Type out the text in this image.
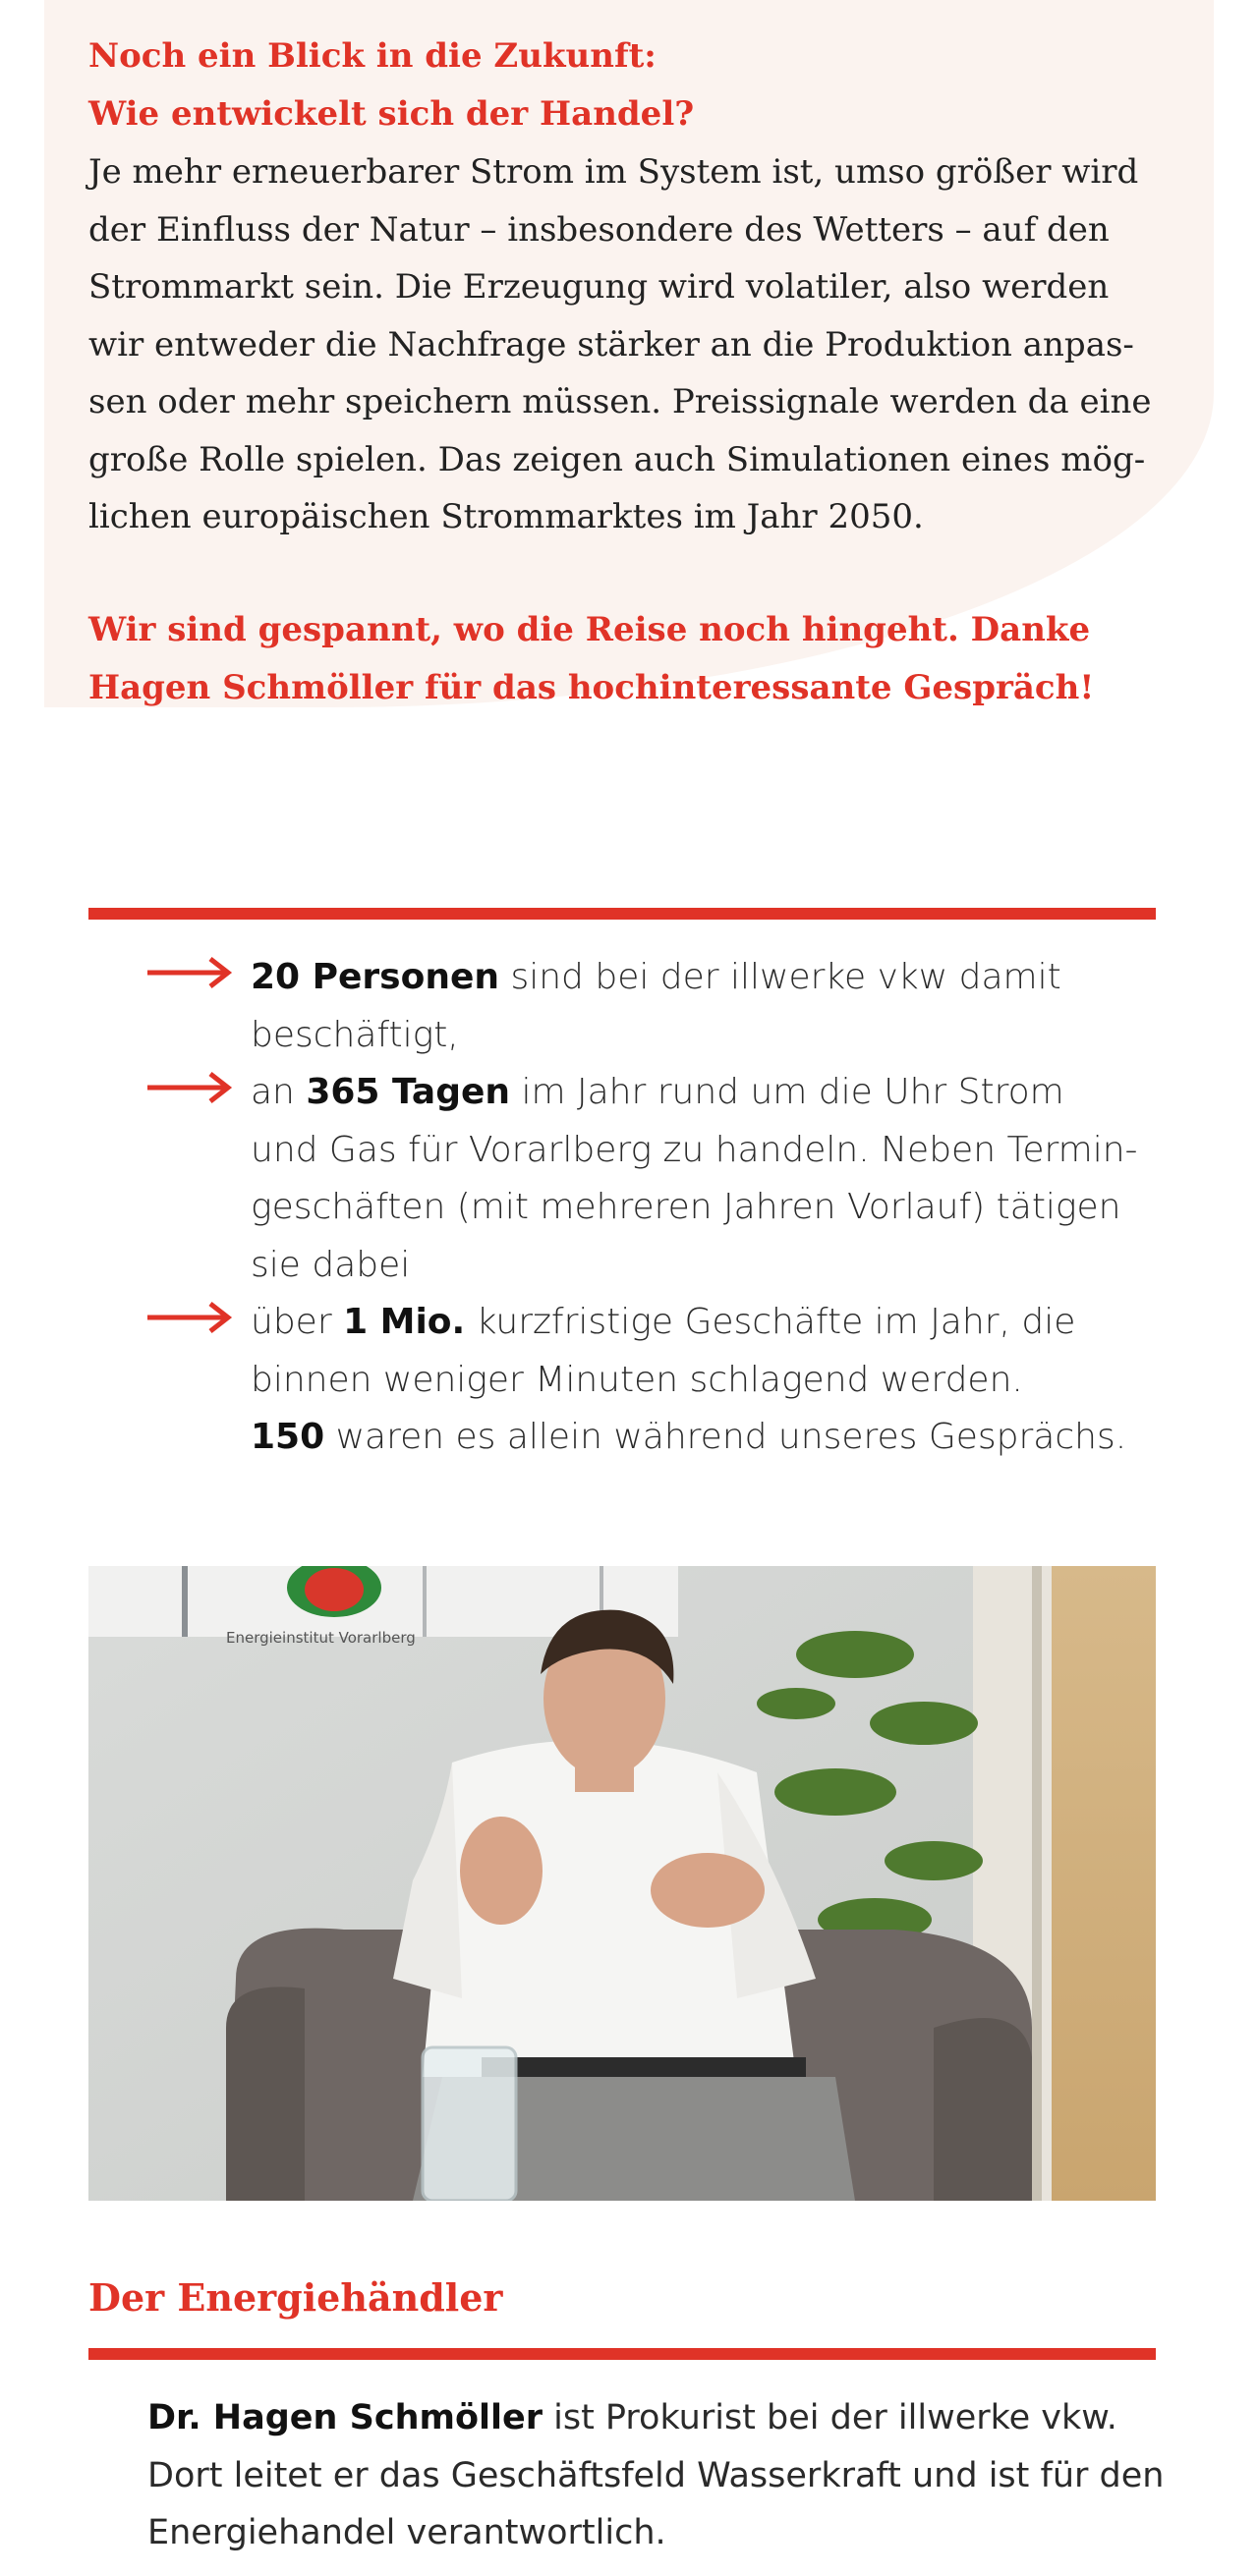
Noch ein Blick in die Zukunft:
Wie entwickelt sich der Handel?
Je mehr erneuerbarer Strom im System ist, umso größer wird
der Einfluss der Natur – insbesondere des Wetters – auf den
Strommarkt sein. Die Erzeugung wird volatiler, also werden
wir entweder die Nachfrage stärker an die Produktion anpas-
sen oder mehr speichern müssen. Preissignale werden da eine
große Rolle spielen. Das zeigen auch Simulationen eines mög-
lichen europäischen Strommarktes im Jahr 2050.
Wir sind gespannt, wo die Reise noch hingeht. Danke
Hagen Schmöller für das hochinteressante Gespräch!
20 Personen sind bei der illwerke vkw damit
beschäftigt,
an 365 Tagen im Jahr rund um die Uhr Strom
und Gas für Vorarlberg zu handeln. Neben Termin-
geschäften (mit mehreren Jahren Vorlauf) tätigen
sie dabei
über 1 Mio. kurzfristige Geschäfte im Jahr, die
binnen weniger Minuten schlagend werden.
150 waren es allein während unseres Gesprächs.
Energieinstitut Vorarlberg
Der Energiehändler
Dr. Hagen Schmöller ist Prokurist bei der illwerke vkw.
Dort leitet er das Geschäftsfeld Wasserkraft und ist für den
Energiehandel verantwortlich.
